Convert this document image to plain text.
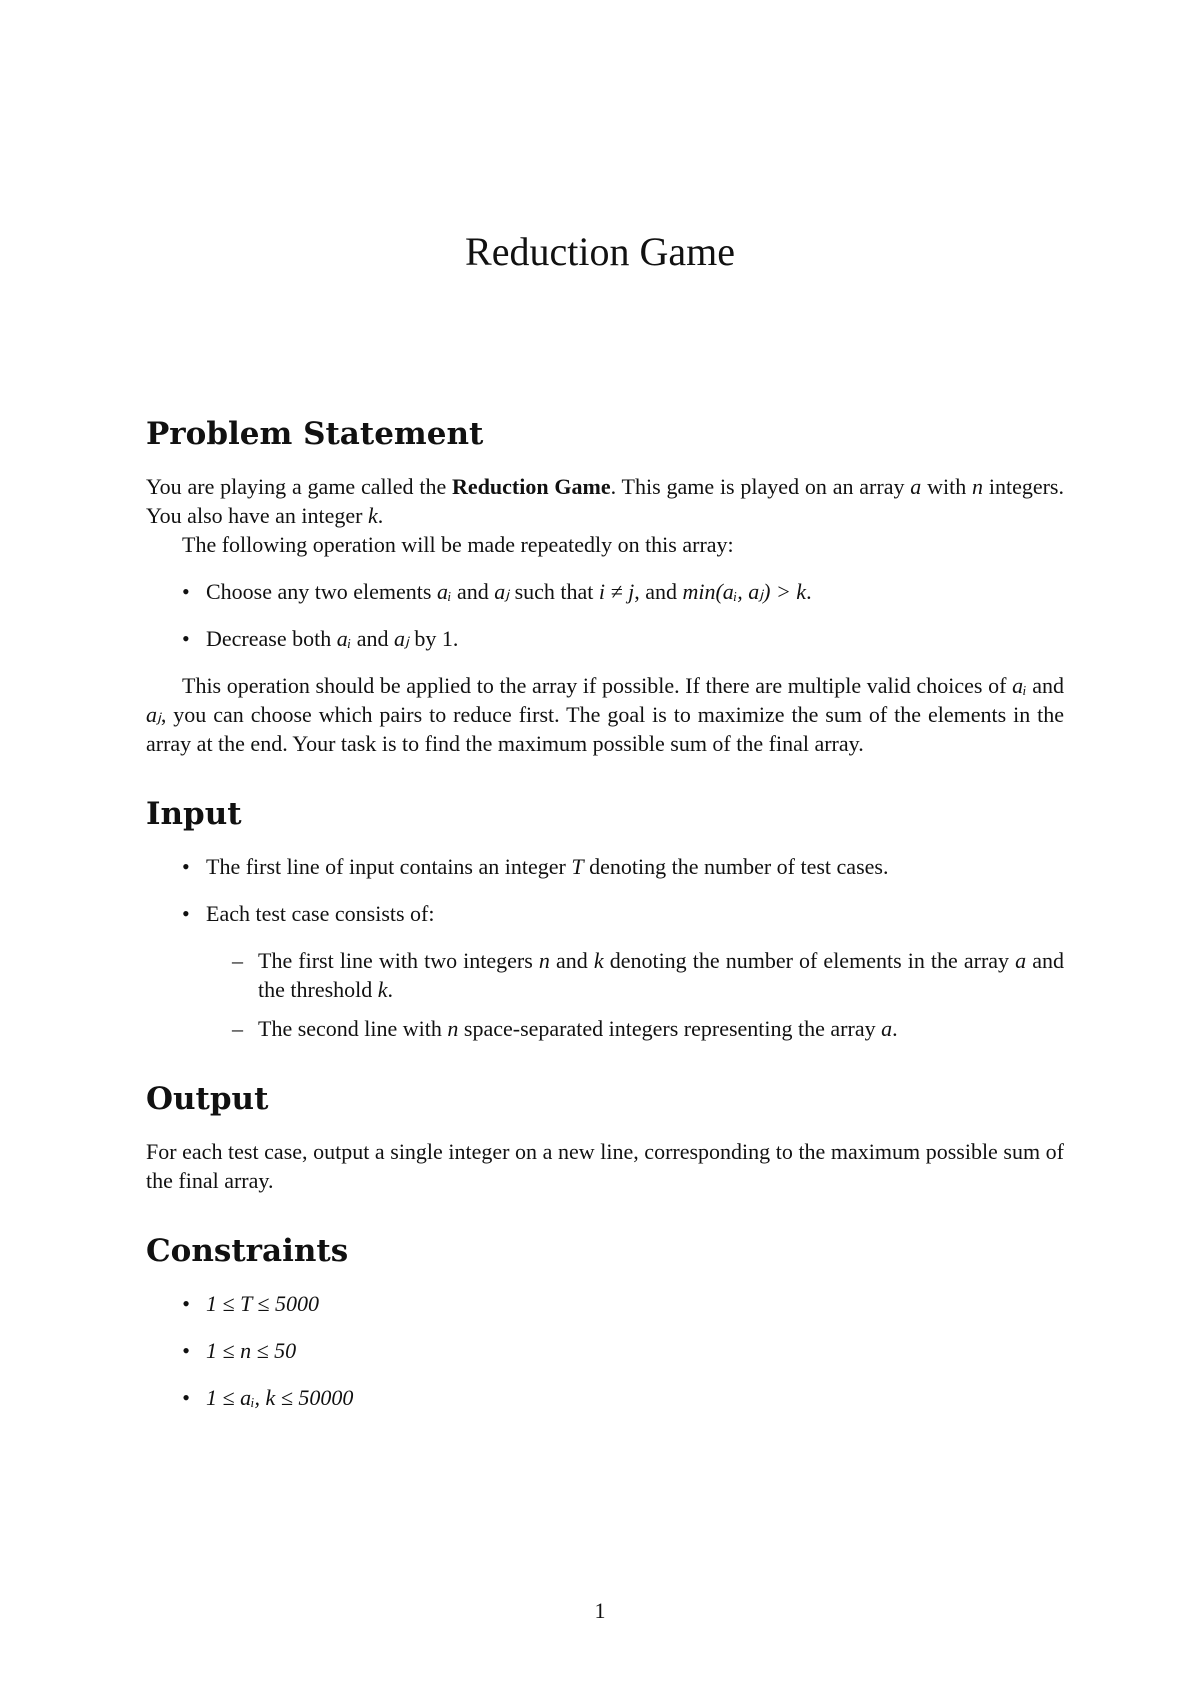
Reduction Game
Problem Statement

You are playing a game called the Reduction Game. This game is played on an array a with n integers. You also have an integer k.

The following operation will be made repeatedly on this array:

• Choose any two elements aᵢ and aⱼ such that i ≠ j, and min(aᵢ, aⱼ) > k.
• Decrease both aᵢ and aⱼ by 1.

This operation should be applied to the array if possible. If there are multiple valid choices of aᵢ and aⱼ, you can choose which pairs to reduce first. The goal is to maximize the sum of the elements in the array at the end. Your task is to find the maximum possible sum of the final array.

Input
• The first line of input contains an integer T denoting the number of test cases.
• Each test case consists of:
– The first line with two integers n and k denoting the number of elements in the array a and the threshold k.
– The second line with n space-separated integers representing the array a.
Output

For each test case, output a single integer on a new line, corresponding to the maximum possible sum of the final array.

Constraints
• 1 ≤ T ≤ 5000
• 1 ≤ n ≤ 50
• 1 ≤ aᵢ, k ≤ 50000
1
